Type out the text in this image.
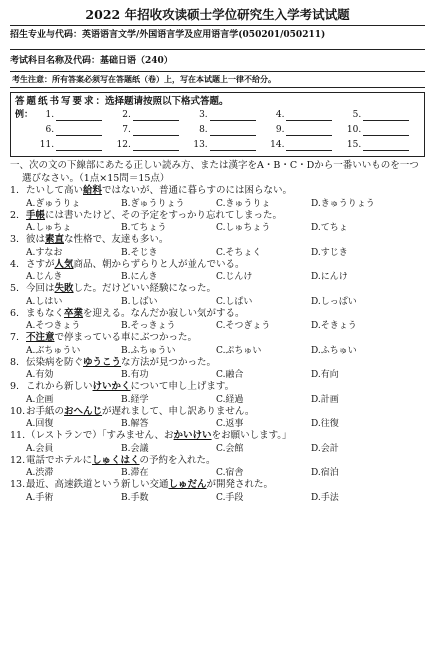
2022 年招收攻读硕士学位研究生入学考试试题
招生专业与代码：英语语言文学/外国语言学及应用语言学(050201/050211)
考试科目名称及代码：基础日语（240）
考生注意：所有答案必须写在答题纸（卷）上，写在本试题上一律不给分。
答题纸书写要求：选择题请按照以下格式答题。
例：	1.	2.	3.	4.	5.
6.	7.	8.	9.	10.
11.	12.	13.	14.	15.
一、次の文の下線部にあたる正しい読み方、または漢字をA・B・C・Dから一番いいものを一つ
選びなさい。（1点×15問＝15点）
1. たいして高い給料ではないが、普通に暮らすのには困らない。
A.ぎゅうりょ	B.ぎゅうりょう	C.きゅうりょ	D.きゅうりょう
2. 手帳には書いたけど、その予定をすっかり忘れてしまった。
A.しゅちょ	B.てちょう	C.しゅちょう	D.てちょ
3. 彼は素直な性格で、友達も多い。
A.すなお	B.そじき	C.そちょく	D.すじき
4. さすが人気商品、朝からずらりと人が並んでいる。
A.じんき	B.にんき	C.じんけ	D.にんけ
5. 今回は失敗した。だけどいい経験になった。
A.しはい	B.しばい	C.しぱい	D.しっぱい
6. まもなく卒業を迎える。なんだか寂しい気がする。
A.そつきょう	B.そっきょう	C.そつぎょう	D.そきょう
7. 不注意で停まっている車にぶつかった。
A.ぶちゅうい	B.ふちゅうい	C.ぷちゅい	D.ふちゅい
8. 伝染病を防ぐゆうこうな方法が見つかった。
A.有効	B.有功	C.融合	D.有向
9. これから新しいけいかくについて申し上げます。
A.企画	B.経学	C.経過	D.計画
10. お手紙のおへんじが遅れまして、申し訳ありません。
A.回復	B.解答	C.返事	D.往復
11. （レストランで）「すみません、おかいけいをお願いします。」
A.会員	B.会議	C.会館	D.会計
12. 電話でホテルにしゅくはくの予約を入れた。
A.渋滞	B.滞在	C.宿舎	D.宿泊
13. 最近、高速鉄道という新しい交通しゅだんが開発された。
A.手術	B.手数	C.手段	D.手法
